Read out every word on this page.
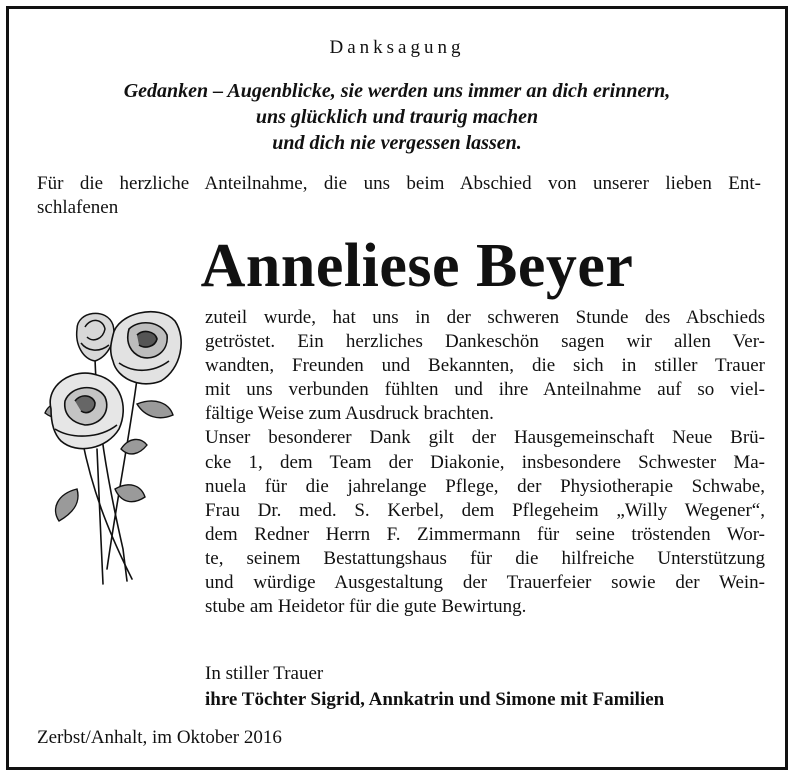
Danksagung
Gedanken – Augenblicke, sie werden uns immer an dich erinnern,
uns glücklich und traurig machen
und dich nie vergessen lassen.
Für die herzliche Anteilnahme, die uns beim Abschied von unserer lieben Ent-
schlafenen
Anneliese Beyer
zuteil wurde, hat uns in der schweren Stunde des Abschieds
getröstet. Ein herzliches Dankeschön sagen wir allen Ver-
wandten, Freunden und Bekannten, die sich in stiller Trauer
mit uns verbunden fühlten und ihre Anteilnahme auf so viel-
fältige Weise zum Ausdruck brachten.
Unser besonderer Dank gilt der Hausgemeinschaft Neue Brü-
cke 1, dem Team der Diakonie, insbesondere Schwester Ma-
nuela für die jahrelange Pflege, der Physiotherapie Schwabe,
Frau Dr. med. S. Kerbel, dem Pflegeheim „Willy Wegener“,
dem Redner Herrn F. Zimmermann für seine tröstenden Wor-
te, seinem Bestattungshaus für die hilfreiche Unterstützung
und würdige Ausgestaltung der Trauerfeier sowie der Wein-
stube am Heidetor für die gute Bewirtung.
In stiller Trauer
ihre Töchter Sigrid, Annkatrin und Simone mit Familien
Zerbst/Anhalt, im Oktober 2016
